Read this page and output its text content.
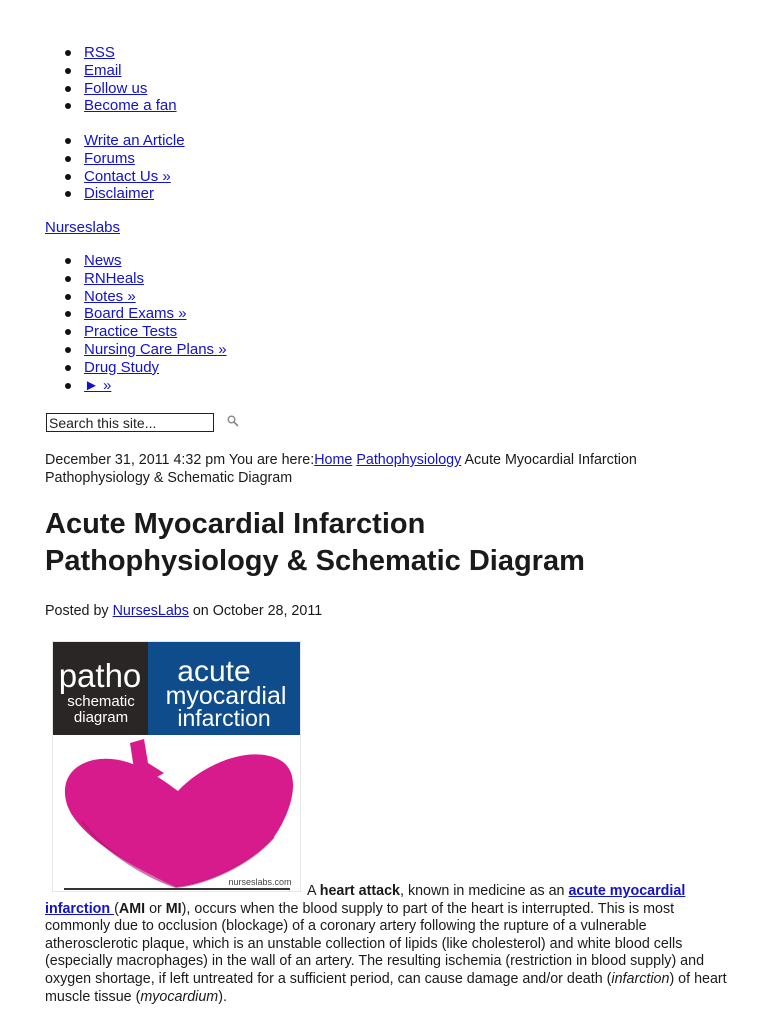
RSS
Email
Follow us
Become a fan
Write an Article
Forums
Contact Us »
Disclaimer
Nurseslabs
News
RNHeals
Notes »
Board Exams »
Practice Tests
Nursing Care Plans »
Drug Study
► »
Search this site...
December 31, 2011 4:32 pm You are here:Home Pathophysiology Acute Myocardial Infarction Pathophysiology & Schematic Diagram
Acute Myocardial Infarction
Pathophysiology & Schematic Diagram
Posted by NursesLabs on October 28, 2011
patho
schematic
diagram
acute
myocardial
infarction
nurseslabs.com

A heart attack, known in medicine as an acute myocardial infarction (AMI or MI), occurs when the blood supply to part of the heart is interrupted. This is most commonly due to occlusion (blockage) of a coronary artery following the rupture of a vulnerable atherosclerotic plaque, which is an unstable collection of lipids (like cholesterol) and white blood cells (especially macrophages) in the wall of an artery. The resulting ischemia (restriction in blood supply) and oxygen shortage, if left untreated for a sufficient period, can cause damage and/or death (infarction) of heart muscle tissue (myocardium).
